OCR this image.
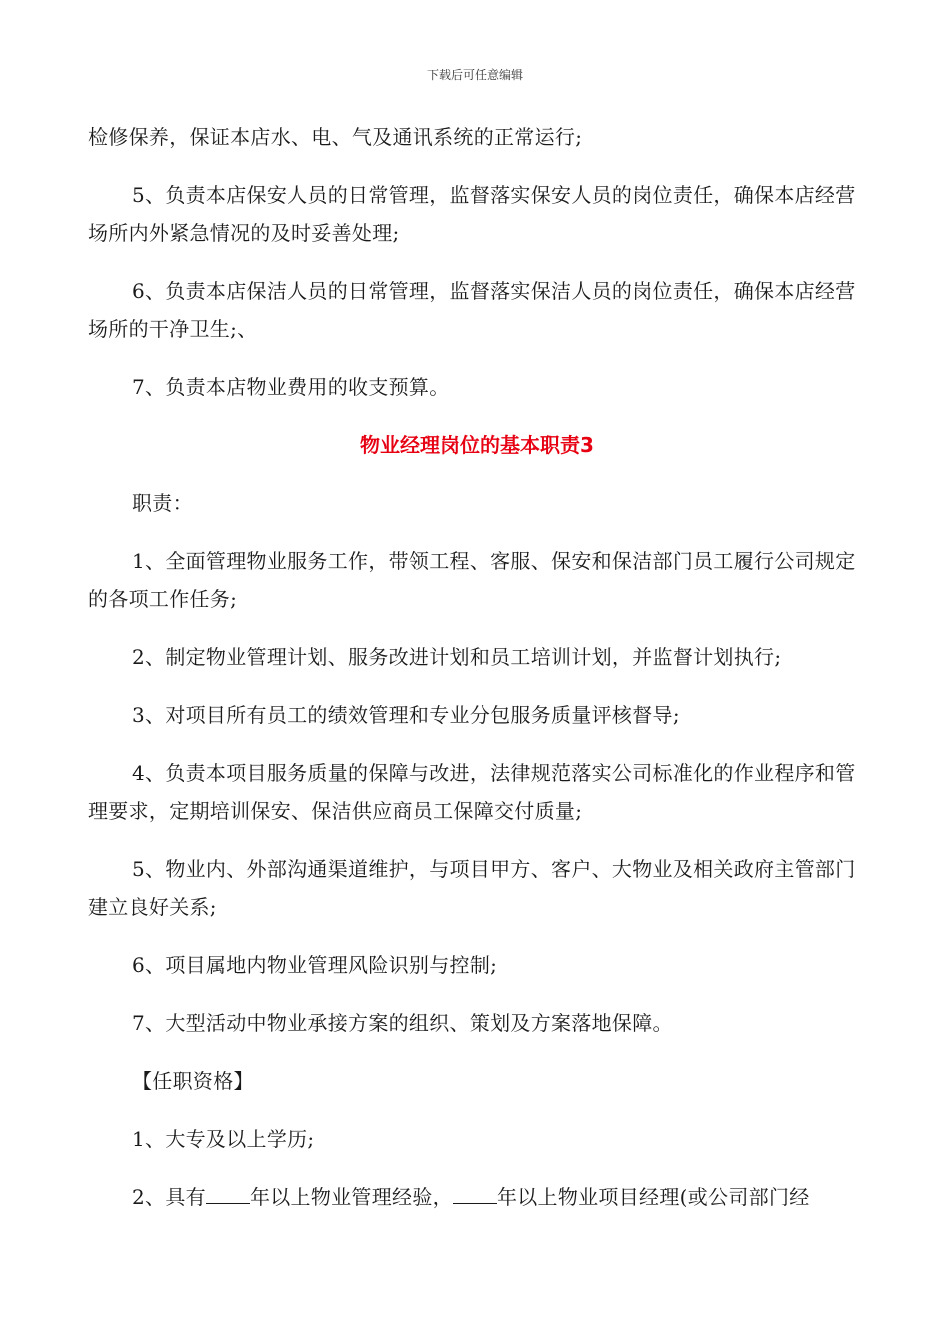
下载后可任意编辑

检修保养，保证本店水、电、气及通讯系统的正常运行;

5、负责本店保安人员的日常管理，监督落实保安人员的岗位责任，确保本店经营场所内外紧急情况的及时妥善处理;

6、负责本店保洁人员的日常管理，监督落实保洁人员的岗位责任，确保本店经营场所的干净卫生;、

7、负责本店物业费用的收支预算。

物业经理岗位的基本职责3

职责：

1、全面管理物业服务工作，带领工程、客服、保安和保洁部门员工履行公司规定的各项工作任务;

2、制定物业管理计划、服务改进计划和员工培训计划，并监督计划执行;

3、对项目所有员工的绩效管理和专业分包服务质量评核督导;

4、负责本项目服务质量的保障与改进，法律规范落实公司标准化的作业程序和管理要求，定期培训保安、保洁供应商员工保障交付质量;

5、物业内、外部沟通渠道维护，与项目甲方、客户、大物业及相关政府主管部门建立良好关系;

6、项目属地内物业管理风险识别与控制;

7、大型活动中物业承接方案的组织、策划及方案落地保障。

【任职资格】

1、大专及以上学历;

2、具有 年以上物业管理经验， 年以上物业项目经理(或公司部门经
